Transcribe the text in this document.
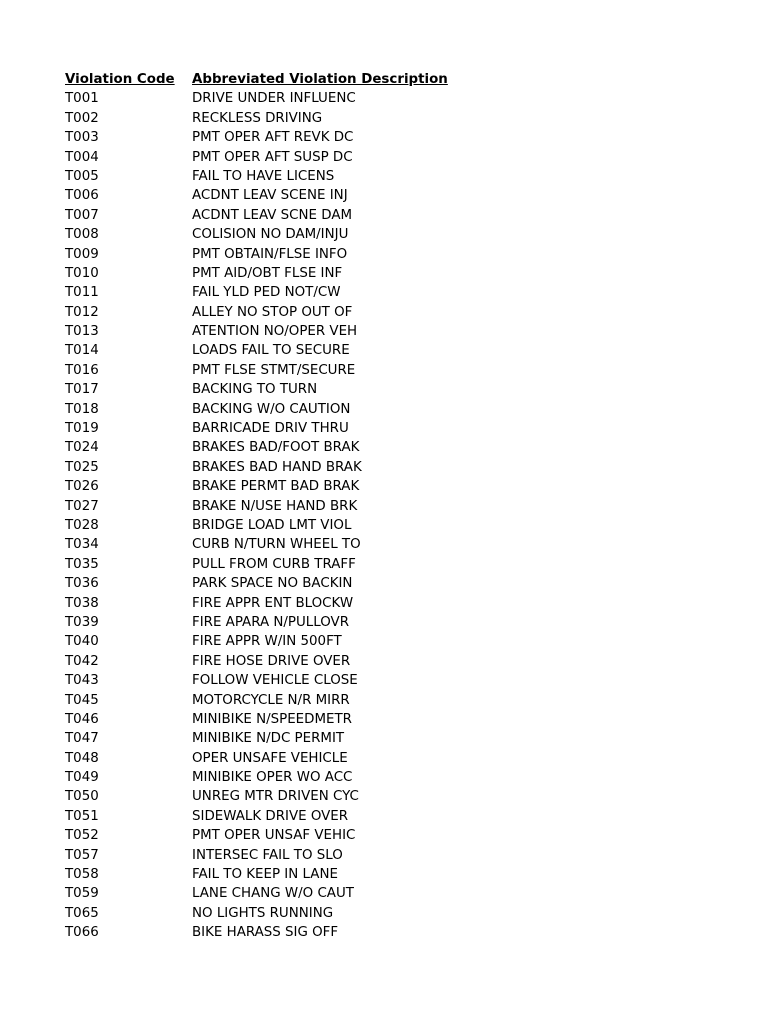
Violation Code	Abbreviated Violation Description
T001	DRIVE UNDER INFLUENC
T002	RECKLESS DRIVING
T003	PMT OPER AFT REVK DC
T004	PMT OPER AFT SUSP DC
T005	FAIL TO HAVE LICENS
T006	ACDNT LEAV SCENE INJ
T007	ACDNT LEAV SCNE DAM
T008	COLISION NO DAM/INJU
T009	PMT OBTAIN/FLSE INFO
T010	PMT AID/OBT FLSE INF
T011	FAIL YLD PED NOT/CW
T012	ALLEY NO STOP OUT OF
T013	ATENTION NO/OPER VEH
T014	LOADS FAIL TO SECURE
T016	PMT FLSE STMT/SECURE
T017	BACKING TO TURN
T018	BACKING W/O CAUTION
T019	BARRICADE DRIV THRU
T024	BRAKES BAD/FOOT BRAK
T025	BRAKES BAD HAND BRAK
T026	BRAKE PERMT BAD BRAK
T027	BRAKE N/USE HAND BRK
T028	BRIDGE LOAD LMT VIOL
T034	CURB N/TURN WHEEL TO
T035	PULL FROM CURB TRAFF
T036	PARK SPACE NO BACKIN
T038	FIRE APPR ENT BLOCKW
T039	FIRE APARA N/PULLOVR
T040	FIRE APPR W/IN 500FT
T042	FIRE HOSE DRIVE OVER
T043	FOLLOW VEHICLE CLOSE
T045	MOTORCYCLE N/R MIRR
T046	MINIBIKE N/SPEEDMETR
T047	MINIBIKE N/DC PERMIT
T048	OPER UNSAFE VEHICLE
T049	MINIBIKE OPER WO ACC
T050	UNREG MTR DRIVEN CYC
T051	SIDEWALK DRIVE OVER
T052	PMT OPER UNSAF VEHIC
T057	INTERSEC FAIL TO SLO
T058	FAIL TO KEEP IN LANE
T059	LANE CHANG W/O CAUT
T065	NO LIGHTS RUNNING
T066	BIKE HARASS SIG OFF
